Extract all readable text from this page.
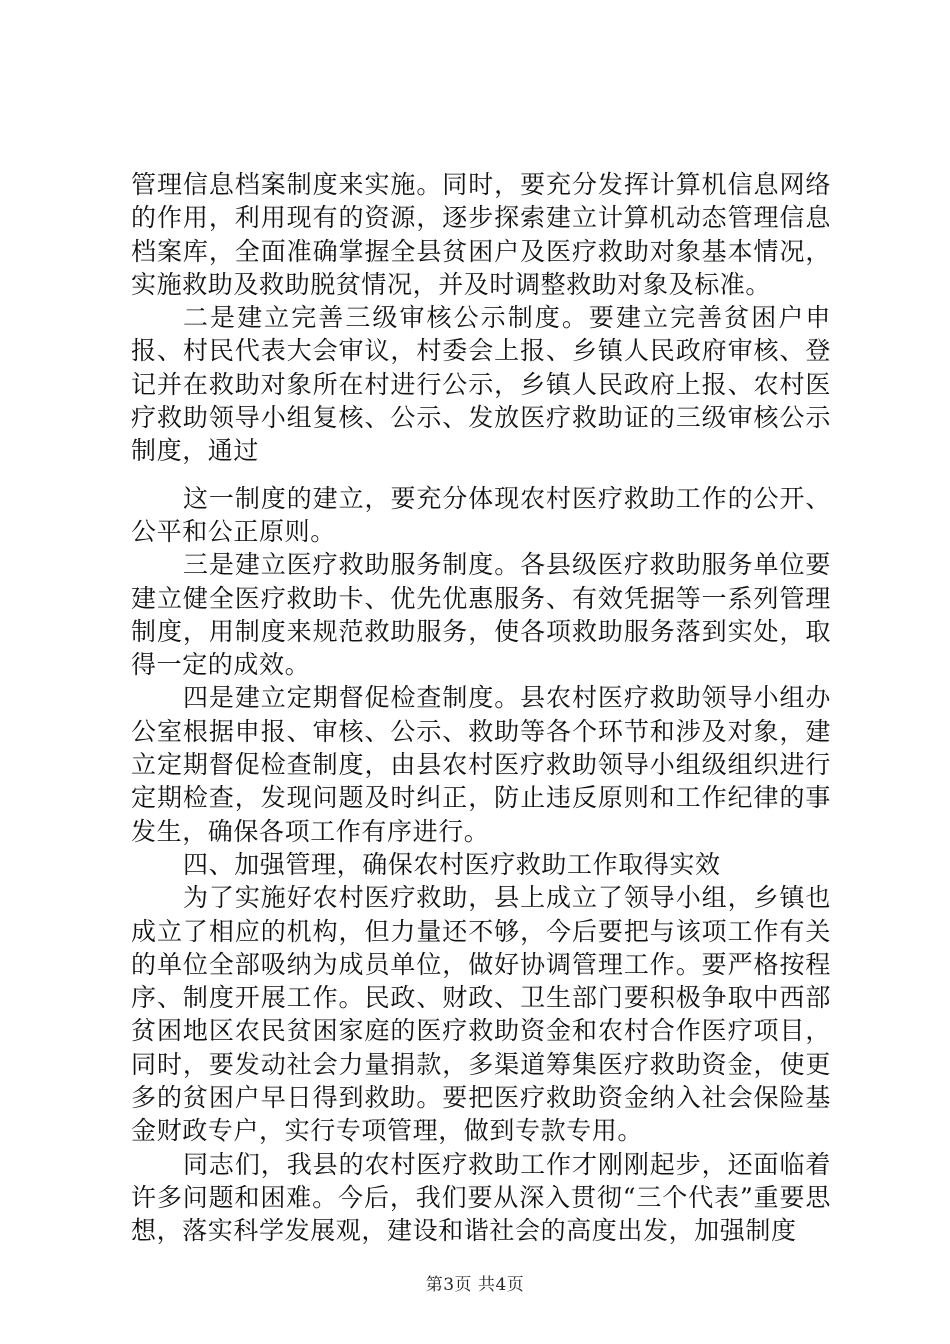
管理信息档案制度来实施。同时，要充分发挥计算机信息网络的作用，利用现有的资源，逐步探索建立计算机动态管理信息档案库，全面准确掌握全县贫困户及医疗救助对象基本情况，实施救助及救助脱贫情况，并及时调整救助对象及标准。

二是建立完善三级审核公示制度。要建立完善贫困户申报、村民代表大会审议，村委会上报、乡镇人民政府审核、登记并在救助对象所在村进行公示，乡镇人民政府上报、农村医疗救助领导小组复核、公示、发放医疗救助证的三级审核公示制度，通过

这一制度的建立，要充分体现农村医疗救助工作的公开、公平和公正原则。

三是建立医疗救助服务制度。各县级医疗救助服务单位要建立健全医疗救助卡、优先优惠服务、有效凭据等一系列管理制度，用制度来规范救助服务，使各项救助服务落到实处，取得一定的成效。

四是建立定期督促检查制度。县农村医疗救助领导小组办公室根据申报、审核、公示、救助等各个环节和涉及对象，建立定期督促检查制度，由县农村医疗救助领导小组级组织进行定期检查，发现问题及时纠正，防止违反原则和工作纪律的事发生，确保各项工作有序进行。

四、加强管理，确保农村医疗救助工作取得实效

为了实施好农村医疗救助，县上成立了领导小组，乡镇也成立了相应的机构，但力量还不够，今后要把与该项工作有关的单位全部吸纳为成员单位，做好协调管理工作。要严格按程序、制度开展工作。民政、财政、卫生部门要积极争取中西部贫困地区农民贫困家庭的医疗救助资金和农村合作医疗项目，同时，要发动社会力量捐款，多渠道筹集医疗救助资金，使更多的贫困户早日得到救助。要把医疗救助资金纳入社会保险基金财政专户，实行专项管理，做到专款专用。

同志们，我县的农村医疗救助工作才刚刚起步，还面临着许多问题和困难。今后，我们要从深入贯彻“三个代表”重要思想，落实科学发展观，建设和谐社会的高度出发，加强制度

第3页 共4页
